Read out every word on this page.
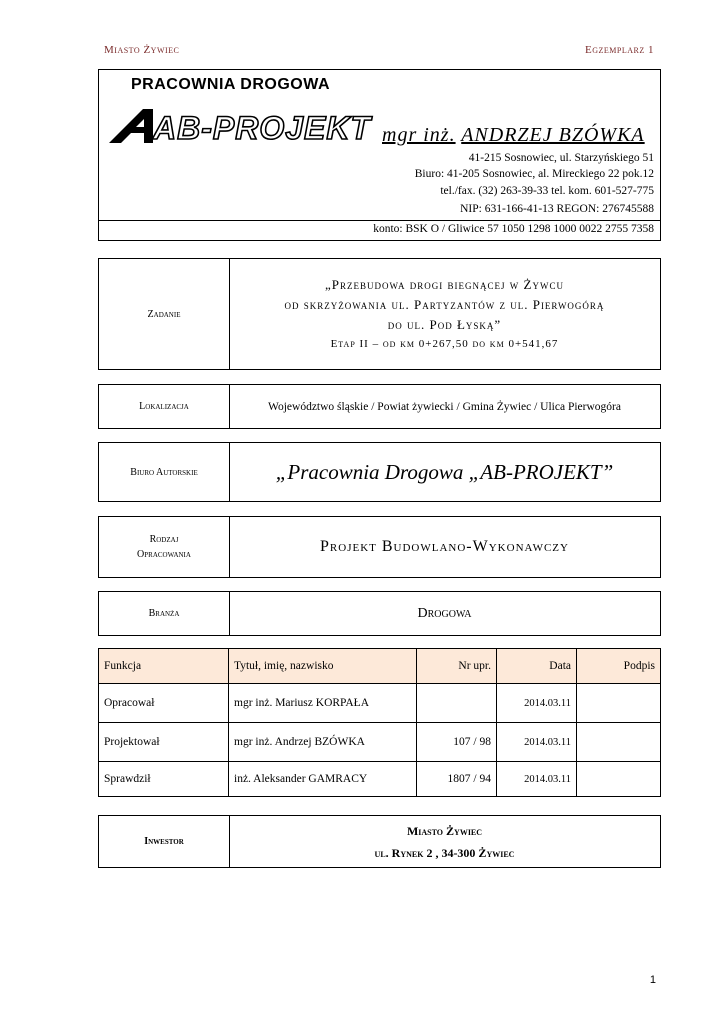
Miasto Żywiec	Egzemplarz 1
PRACOWNIA DROGOWA
AB-PROJEKT mgr inż. ANDRZEJ BZÓWKA
41-215 Sosnowiec, ul. Starzyńskiego 51
Biuro: 41-205 Sosnowiec, al. Mireckiego 22 pok.12
tel./fax. (32) 263-39-33 tel. kom. 601-527-775
NIP: 631-166-41-13 REGON: 276745588
konto: BSK O / Gliwice 57 1050 1298 1000 0022 2755 7358
Zadanie
„Przebudowa drogi biegnącej w Żywcu
od skrzyżowania ul. Partyzantów z ul. Pierwogórą
do ul. Pod Łyską”
Etap II – od km 0+267,50 do km 0+541,67
Lokalizacja	Województwo śląskie / Powiat żywiecki / Gmina Żywiec / Ulica Pierwogóra
Biuro Autorskie	„Pracownia Drogowa „AB-PROJEKT”
Rodzaj
Opracowania	Projekt Budowlano-Wykonawczy
Branża	Drogowa
Funkcja	Tytuł, imię, nazwisko	Nr upr.	Data	Podpis
Opracował	mgr inż. Mariusz KORPAŁA		2014.03.11	
Projektował	mgr inż. Andrzej BZÓWKA	107 / 98	2014.03.11	
Sprawdził	inż. Aleksander GAMRACY	1807 / 94	2014.03.11	
Inwestor
Miasto Żywiec
ul. Rynek 2 , 34-300 Żywiec
1
